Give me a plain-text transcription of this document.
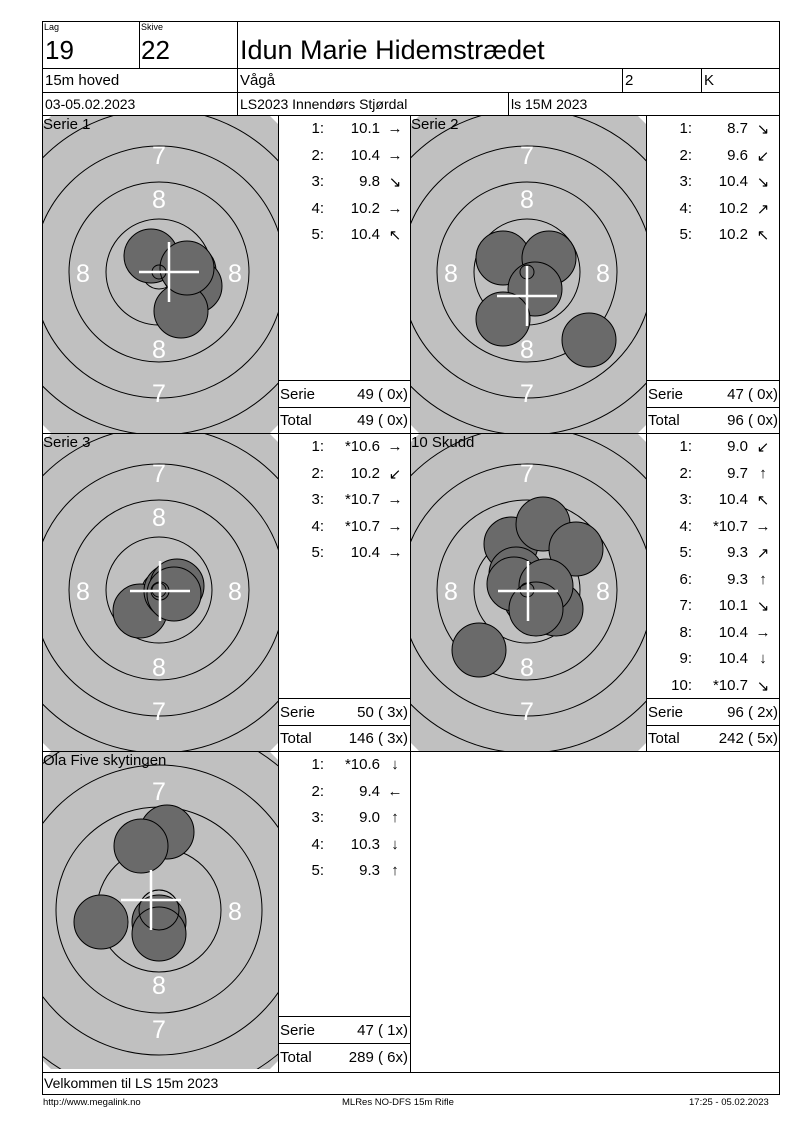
Lag
19
Skive
22	Idun Marie Hidemstrædet
15m hoved	Vågå	2	K
03-05.02.2023	LS2023 Innendørs Stjørdal	ls 15M 2023
7
8
8	8
8
7
7
8
8	8
8
7
7
8
8	8
8
7
7
8	8
8
7
7
8
8
7
Serie 1	Serie 2
Serie 3	10 Skudd
Ola Five skytingen
1:	10.1 →
2:	10.4 →
3:	9.8 ↘
4:	10.2 →
5:	10.4 ↖
1:	8.7 ↘
2:	9.6 ↙
3:	10.4 ↘
4:	10.2 ↗
5:	10.2 ↖
1:	*10.6 →
2:	10.2 ↙
3:	*10.7 →
4:	*10.7 →
5:	10.4 →
1:	9.0 ↙
2:	9.7 ↑
3:	10.4 ↖
4:	*10.7 →
5:	9.3 ↗
6:	9.3 ↑
7:	10.1 ↘
8:	10.4 →
9:	10.4 ↓
10:	*10.7 ↘
1:	*10.6 ↓
2:	9.4 ←
3:	9.0 ↑
4:	10.3 ↓
5:	9.3 ↑
Serie	49 ( 0x)
Total	49 ( 0x)
Serie	47 ( 0x)
Total	96 ( 0x)
Serie	50 ( 3x)
Total 146 ( 3x)
Serie	96 ( 2x)
Total	242 ( 5x)
Serie	47 ( 1x)
Total 289 ( 6x)
Velkommen til LS 15m 2023
http://www.megalink.no	MLRes NO-DFS 15m Rifle	17:25 - 05.02.2023
